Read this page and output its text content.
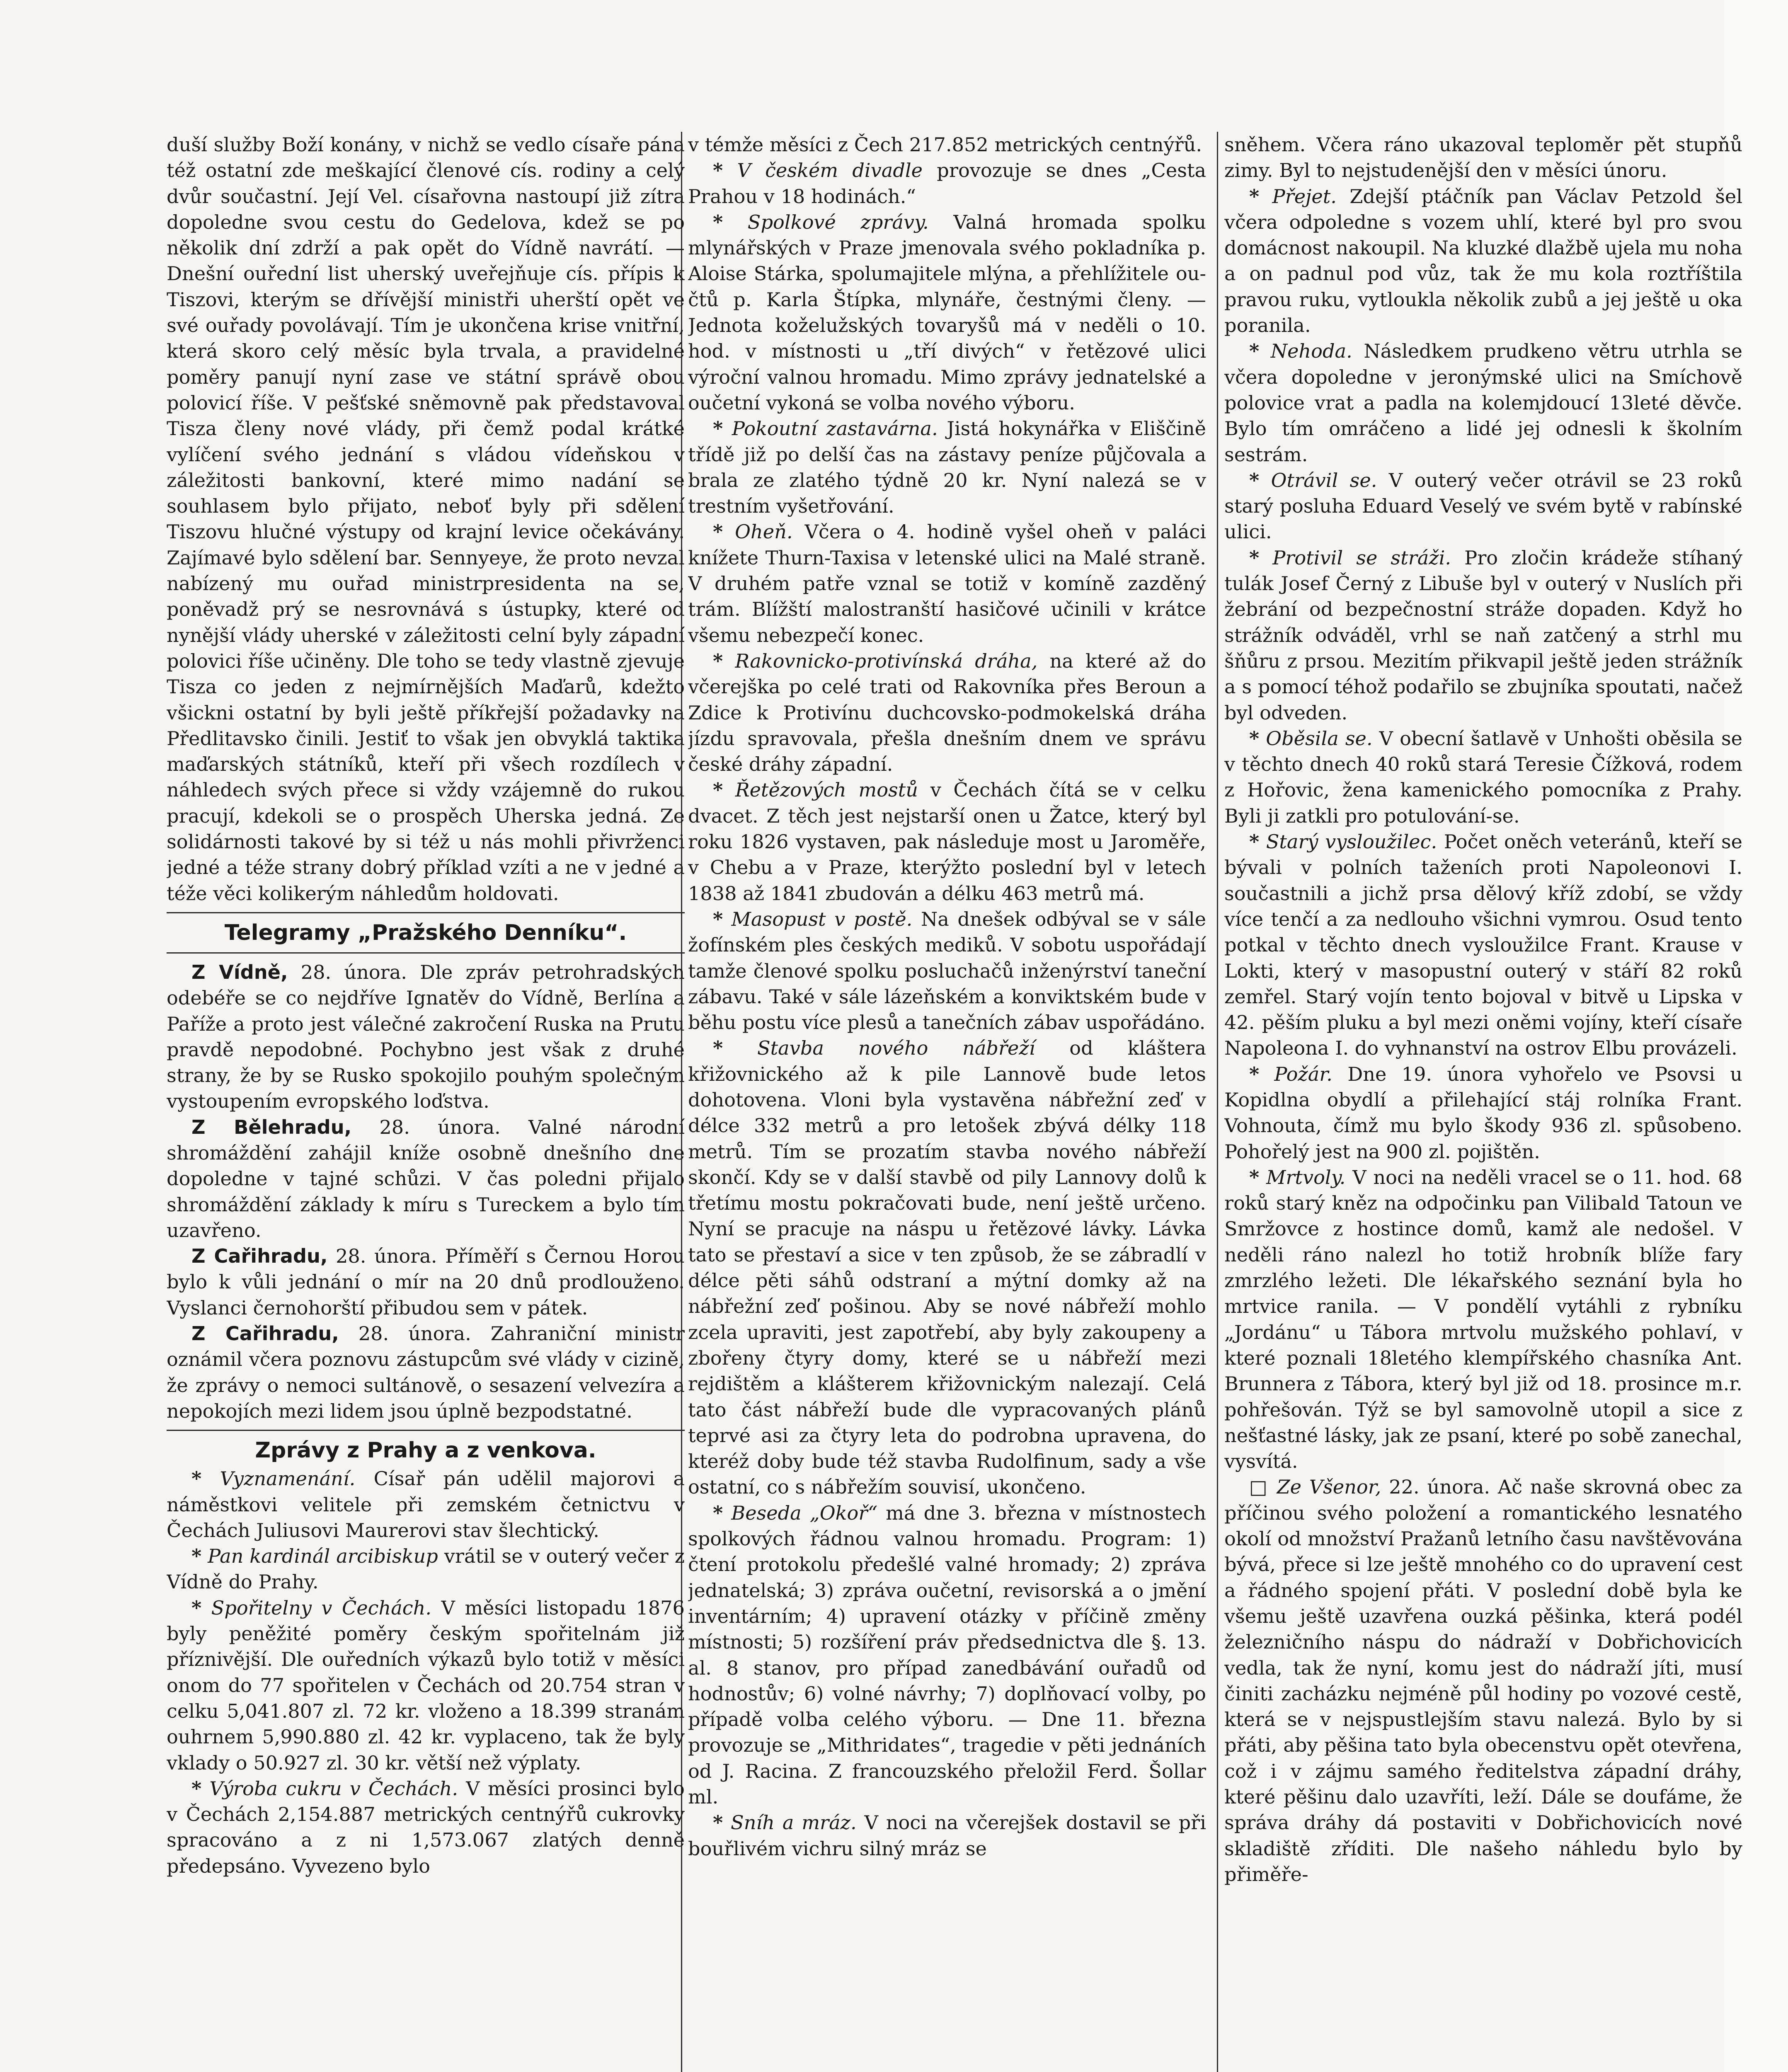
duší služby Boží konány, v nichž se vedlo císaře pána též ostatní zde meškající členové cís. rodiny a celý dvůr součastní. Její Vel. císařovna nastoupí již zítra dopoledne svou cestu do Gedelova, kdež se po několik dní zdrží a pak opět do Vídně navrátí. — Dnešní ouřední list uherský uveřejňuje cís. přípis k Tiszovi, kterým se dřívější ministři uherští opět ve své ouřady povolávají. Tím je ukončena krise vnitřní, která skoro celý měsíc byla trvala, a pravidelné poměry panují nyní zase ve státní správě obou polovicí říše. V pešťské sněmovně pak představoval Tisza členy nové vlády, při čemž podal krátké vylíčení svého jednání s vládou vídeňskou v záležitosti bankovní, které mimo nadání se souhlasem bylo přijato, neboť byly při sdělení Tiszovu hlučné výstupy od krajní levice očekávány. Zajímavé bylo sdělení bar. Sennyeye, že proto nevzal nabízený mu ouřad ministrpresidenta na se, poněvadž prý se nesrovnává s ústupky, které od nynější vlády uherské v záležitosti celní byly západní polovici říše učiněny. Dle toho se tedy vlastně zjevuje Tisza co jeden z nejmírnějších Maďarů, kdežto všickni ostatní by byli ještě příkřejší požadavky na Předlitavsko činili. Jestiť to však jen obvyklá taktika maďarských státníků, kteří při všech rozdílech v náhledech svých přece si vždy vzájemně do rukou pracují, kdekoli se o prospěch Uherska jedná. Ze solidárnosti takové by si též u nás mohli přivrženci jedné a téže strany dobrý příklad vzíti a ne v jedné a téže věci kolikerým náhledům holdovati.

Telegramy „Pražského Denníku“.

Z Vídně, 28. února. Dle zpráv petrohradských odebéře se co nejdříve Ignatěv do Vídně, Berlína a Paříže a proto jest válečné zakročení Ruska na Prutu pravdě nepodobné. Pochybno jest však z druhé strany, že by se Rusko spokojilo pouhým společným vystoupením evropského loďstva.

Z Bělehradu, 28. února. Valné národní shromáždění zahájil kníže osobně dnešního dne dopoledne v tajné schůzi. V čas poledni přijalo shromáždění základy k míru s Tureckem a bylo tím uzavřeno.

Z Cařihradu, 28. února. Příměří s Černou Horou bylo k vůli jednání o mír na 20 dnů prodlouženo. Vyslanci černohorští přibudou sem v pátek.

Z Cařihradu, 28. února. Zahraniční ministr oznámil včera poznovu zástupcům své vlády v cizině, že zprávy o nemoci sultánově, o sesazení velvezíra a nepokojích mezi lidem jsou úplně bezpodstatné.

Zprávy z Prahy a z venkova.

* Vyznamenání. Císař pán udělil majorovi a náměstkovi velitele při zemském četnictvu v Čechách Juliusovi Maurerovi stav šlechtický.

* Pan kardinál arcibiskup vrátil se v outerý večer z Vídně do Prahy.

* Spořitelny v Čechách. V měsíci listopadu 1876 byly peněžité poměry českým spořitelnám již příznivější. Dle ouředních výkazů bylo totiž v měsíci onom do 77 spořitelen v Čechách od 20.754 stran v celku 5,041.807 zl. 72 kr. vloženo a 18.399 stranám ouhrnem 5,990.880 zl. 42 kr. vyplaceno, tak že byly vklady o 50.927 zl. 30 kr. větší než výplaty.

* Výroba cukru v Čechách. V měsíci prosinci bylo v Čechách 2,154.887 metrických centnýřů cukrovky spracováno a z ni 1,573.067 zlatých denně předepsáno. Vyvezeno bylo

v témže měsíci z Čech 217.852 metrických centnýřů.

* V českém divadle provozuje se dnes „Cesta Prahou v 18 hodinách.“

* Spolkové zprávy. Valná hromada spolku mlynářských v Praze jmenovala svého pokladníka p. Aloise Stárka, spolumajitele mlýna, a přehlížitele oučtů p. Karla Štípka, mlynáře, čestnými členy. — Jednota koželužských tovaryšů má v neděli o 10. hod. v místnosti u „tří divých“ v řetězové ulici výroční valnou hromadu. Mimo zprávy jednatelské a oučetní vykoná se volba nového výboru.

* Pokoutní zastavárna. Jistá hokynářka v Eliščině třídě již po delší čas na zástavy peníze půjčovala a brala ze zlatého týdně 20 kr. Nyní nalezá se v trestním vyšetřování.

* Oheň. Včera o 4. hodině vyšel oheň v paláci knížete Thurn-Taxisa v letenské ulici na Malé straně. V druhém patře vznal se totiž v komíně zazděný trám. Blížští malostranští hasičové učinili v krátce všemu nebezpečí konec.

* Rakovnicko-protivínská dráha, na které až do včerejška po celé trati od Rakovníka přes Beroun a Zdice k Protivínu duchcovsko-podmokelská dráha jízdu spravovala, přešla dnešním dnem ve správu české dráhy západní.

* Řetězových mostů v Čechách čítá se v celku dvacet. Z těch jest nejstarší onen u Žatce, který byl roku 1826 vystaven, pak následuje most u Jaroměře, v Chebu a v Praze, kterýžto poslední byl v letech 1838 až 1841 zbudován a délku 463 metrů má.

* Masopust v postě. Na dnešek odbýval se v sále žofínském ples českých mediků. V sobotu uspořádají tamže členové spolku posluchačů inženýrství taneční zábavu. Také v sále lázeňském a konviktském bude v běhu postu více plesů a tanečních zábav uspořádáno.

* Stavba nového nábřeží od kláštera křižovnického až k pile Lannově bude letos dohotovena. Vloni byla vystavěna nábřežní zeď v délce 332 metrů a pro letošek zbývá délky 118 metrů. Tím se prozatím stavba nového nábřeží skončí. Kdy se v další stavbě od pily Lannovy dolů k třetímu mostu pokračovati bude, není ještě určeno. Nyní se pracuje na náspu u řetězové lávky. Lávka tato se přestaví a sice v ten způsob, že se zábradlí v délce pěti sáhů odstraní a mýtní domky až na nábřežní zeď pošinou. Aby se nové nábřeží mohlo zcela upraviti, jest zapotřebí, aby byly zakoupeny a zbořeny čtyry domy, které se u nábřeží mezi rejdištěm a klášterem křižovnickým nalezají. Celá tato část nábřeží bude dle vypracovaných plánů teprvé asi za čtyry leta do podrobna upravena, do kteréž doby bude též stavba Rudolfinum, sady a vše ostatní, co s nábřežím souvisí, ukončeno.

* Beseda „Okoř“ má dne 3. března v místnostech spolkových řádnou valnou hromadu. Program: 1) čtení protokolu předešlé valné hromady; 2) zpráva jednatelská; 3) zpráva oučetní, revisorská a o jmění inventárním; 4) upravení otázky v příčině změny místnosti; 5) rozšíření práv předsednictva dle §. 13. al. 8 stanov, pro případ zanedbávání ouřadů od hodnostův; 6) volné návrhy; 7) doplňovací volby, po případě volba celého výboru. — Dne 11. března provozuje se „Mithridates“, tragedie v pěti jednáních od J. Racina. Z francouzského přeložil Ferd. Šollar ml.

* Sníh a mráz. V noci na včerejšek dostavil se při bouřlivém vichru silný mráz se

sněhem. Včera ráno ukazoval teploměr pět stupňů zimy. Byl to nejstudenější den v měsíci únoru.

* Přejet. Zdejší ptáčník pan Václav Petzold šel včera odpoledne s vozem uhlí, které byl pro svou domácnost nakoupil. Na kluzké dlažbě ujela mu noha a on padnul pod vůz, tak že mu kola roztříštila pravou ruku, vytloukla několik zubů a jej ještě u oka poranila.

* Nehoda. Následkem prudkeno větru utrhla se včera dopoledne v jeronýmské ulici na Smíchově polovice vrat a padla na kolemjdoucí 13leté děvče. Bylo tím omráčeno a lidé jej odnesli k školním sestrám.

* Otrávil se. V outerý večer otrávil se 23 roků starý posluha Eduard Veselý ve svém bytě v rabínské ulici.

* Protivil se stráži. Pro zločin krádeže stíhaný tulák Josef Černý z Libuše byl v outerý v Nuslích při žebrání od bezpečnostní stráže dopaden. Když ho strážník odváděl, vrhl se naň zatčený a strhl mu šňůru z prsou. Mezitím přikvapil ještě jeden strážník a s pomocí téhož podařilo se zbujníka spoutati, načež byl odveden.

* Oběsila se. V obecní šatlavě v Unhošti oběsila se v těchto dnech 40 roků stará Teresie Čížková, rodem z Hořovic, žena kamenického pomocníka z Prahy. Byli ji zatkli pro potulování-se.

* Starý vysloužilec. Počet oněch veteránů, kteří se bývali v polních taženích proti Napoleonovi I. součastnili a jichž prsa dělový kříž zdobí, se vždy více tenčí a za nedlouho všichni vymrou. Osud tento potkal v těchto dnech vysloužilce Frant. Krause v Lokti, který v masopustní outerý v stáří 82 roků zemřel. Starý vojín tento bojoval v bitvě u Lipska v 42. pěším pluku a byl mezi oněmi vojíny, kteří císaře Napoleona I. do vyhnanství na ostrov Elbu provázeli.

* Požár. Dne 19. února vyhořelo ve Psovsi u Kopidlna obydlí a přilehající stáj rolníka Frant. Vohnouta, čímž mu bylo škody 936 zl. spůsobeno. Pohořelý jest na 900 zl. pojištěn.

* Mrtvoly. V noci na neděli vracel se o 11. hod. 68 roků starý kněz na odpočinku pan Vilibald Tatoun ve Smržovce z hostince domů, kamž ale nedošel. V neděli ráno nalezl ho totiž hrobník blíže fary zmrzlého ležeti. Dle lékařského seznání byla ho mrtvice ranila. — V pondělí vytáhli z rybníku „Jordánu“ u Tábora mrtvolu mužského pohlaví, v které poznali 18letého klempířského chasníka Ant. Brunnera z Tábora, který byl již od 18. prosince m.r. pohřešován. Týž se byl samovolně utopil a sice z nešťastné lásky, jak ze psaní, které po sobě zanechal, vysvítá.

□ Ze Všenor, 22. února. Ač naše skrovná obec za příčinou svého položení a romantického lesnatého okolí od množství Pražanů letního času navštěvována bývá, přece si lze ještě mnohého co do upravení cest a řádného spojení přáti. V poslední době byla ke všemu ještě uzavřena ouzká pěšinka, která podél železničního náspu do nádraží v Dobřichovicích vedla, tak že nyní, komu jest do nádraží jíti, musí činiti zacházku nejméně půl hodiny po vozové cestě, která se v nejspustlejším stavu nalezá. Bylo by si přáti, aby pěšina tato byla obecenstvu opět otevřena, což i v zájmu samého ředitelstva západní dráhy, které pěšinu dalo uzavříti, leží. Dále se doufáme, že správa dráhy dá postaviti v Dobřichovicích nové skladiště zříditi. Dle našeho náhledu bylo by přiměře-
